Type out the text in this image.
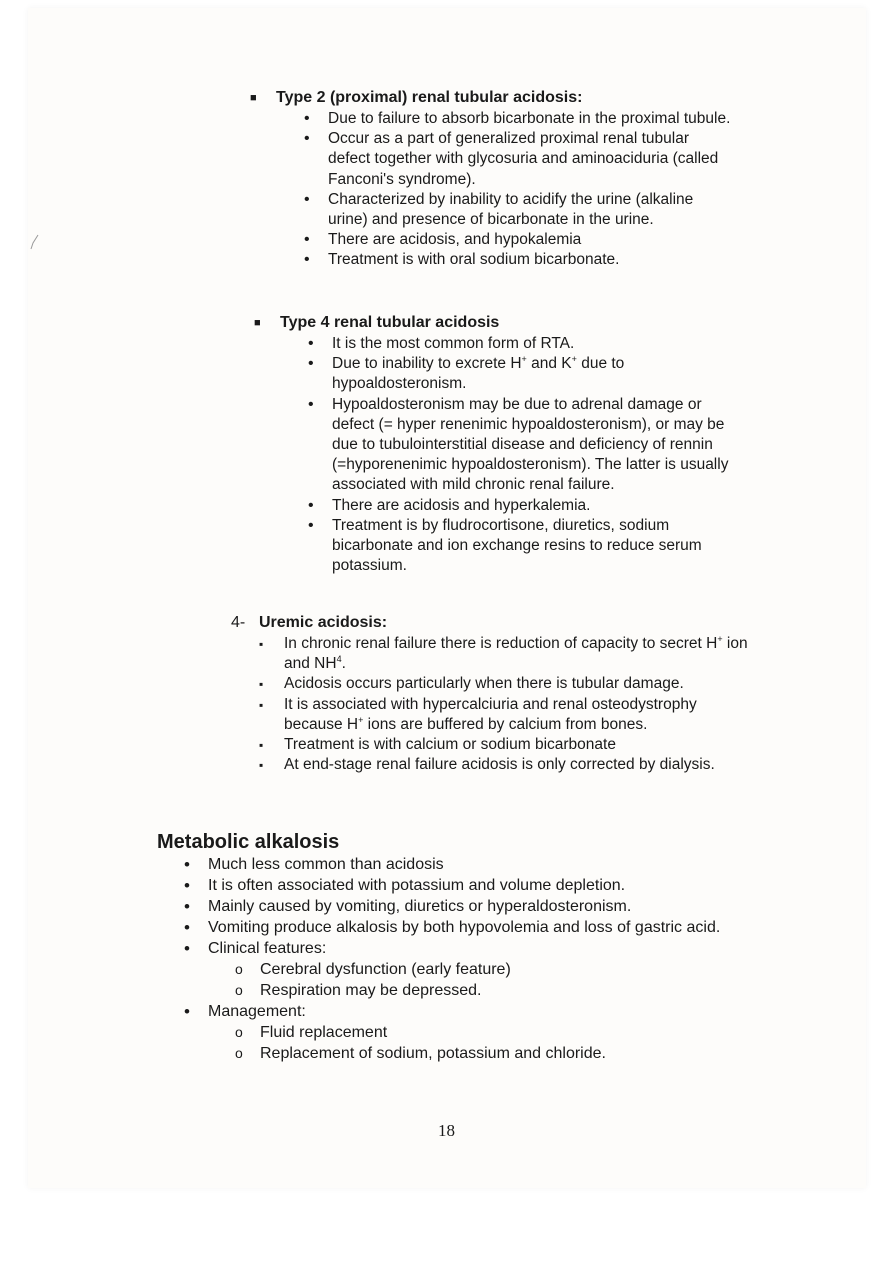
■ Type 2 (proximal) renal tubular acidosis:
• Due to failure to absorb bicarbonate in the proximal tubule.
• Occur as a part of generalized proximal renal tubular defect together with glycosuria and aminoaciduria (called Fanconi's syndrome).
• Characterized by inability to acidify the urine (alkaline urine) and presence of bicarbonate in the urine.
• There are acidosis, and hypokalemia
• Treatment is with oral sodium bicarbonate.
■ Type 4 renal tubular acidosis
• It is the most common form of RTA.
• Due to inability to excrete H+ and K+ due to hypoaldosteronism.
• Hypoaldosteronism may be due to adrenal damage or defect (= hyper renenimic hypoaldosteronism), or may be due to tubulointerstitial disease and deficiency of rennin (=hyporenenimic hypoaldosteronism). The latter is usually associated with mild chronic renal failure.
• There are acidosis and hyperkalemia.
• Treatment is by fludrocortisone, diuretics, sodium bicarbonate and ion exchange resins to reduce serum potassium.
4- Uremic acidosis:
▪ In chronic renal failure there is reduction of capacity to secret H+ ion and $NH^4$.
▪ Acidosis occurs particularly when there is tubular damage.
▪ It is associated with hypercalciuria and renal osteodystrophy because H+ ions are buffered by calcium from bones.
▪ Treatment is with calcium or sodium bicarbonate
▪ At end-stage renal failure acidosis is only corrected by dialysis.
Metabolic alkalosis
• Much less common than acidosis
• It is often associated with potassium and volume depletion.
• Mainly caused by vomiting, diuretics or hyperaldosteronism.
• Vomiting produce alkalosis by both hypovolemia and loss of gastric acid.
• Clinical features:
o Cerebral dysfunction (early feature)
o Respiration may be depressed.
• Management:
o Fluid replacement
o Replacement of sodium, potassium and chloride.
18
